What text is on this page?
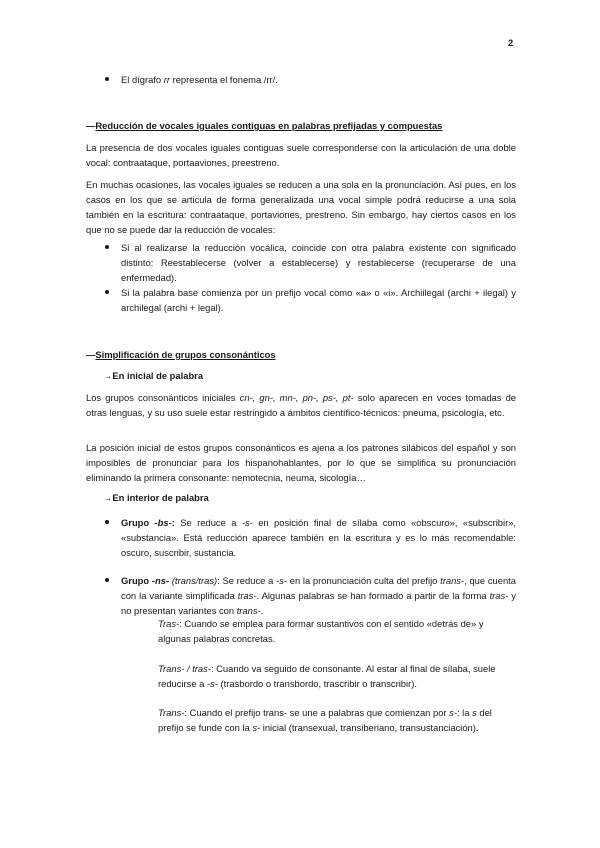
2
El dígrafo rr representa el fonema /rr/.
—Reducción de vocales iguales contiguas en palabras prefijadas y compuestas
La presencia de dos vocales iguales contiguas suele corresponderse con la articulación de una doble vocal: contraataque, portaaviones, preestreno.
En muchas ocasiones, las vocales iguales se reducen a una sola en la pronunciación. Así pues, en los casos en los que se articula de forma generalizada una vocal simple podrá reducirse a una sola también en la escritura: contraataque, portaviones, prestreno. Sin embargo, hay ciertos casos en los que no se puede dar la reducción de vocales:
Si al realizarse la reducción vocálica, coincide con otra palabra existente con significado distinto: Reestablecerse (volver a establecerse) y restablecerse (recuperarse de una enfermedad).
Si la palabra base comienza por un prefijo vocal como «a» o «i». Archiilegal (archi + ilegal) y archilegal (archi + legal).
—Simplificación de grupos consonánticos
→En inicial de palabra
Los grupos consonánticos iniciales cn-, gn-, mn-, pn-, ps-, pt- solo aparecen en voces tomadas de otras lenguas, y su uso suele estar restringido a ámbitos científico-técnicos: pneuma, psicología, etc.
La posición inicial de estos grupos consonánticos es ajena a los patrones silábicos del español y son imposibles de pronunciar para los hispanohablantes, por lo que se simplifica su pronunciación eliminando la primera consonante: nemotecnia, neuma, sicología…
→En interior de palabra
Grupo -bs-: Se reduce a -s- en posición final de sílaba como «obscuro», «subscribir», «substancia». Está reducción aparece también en la escritura y es lo más recomendable: oscuro, suscribir, sustancia.
Grupo -ns- (trans/tras): Se reduce a -s- en la pronunciación culta del prefijo trans-, que cuenta con la variante simplificada tras-. Algunas palabras se han formado a partir de la forma tras- y no presentan variantes con trans-.
Tras-: Cuando se emplea para formar sustantivos con el sentido «detrás de» y algunas palabras concretas.
Trans- / tras-: Cuando va seguido de consonante. Al estar al final de sílaba, suele reducirse a -s- (trasbordo o transbordo, trascribir o transcribir).
Trans-: Cuando el prefijo trans- se une a palabras que comienzan por s-: la s del prefijo se funde con la s- inicial (transexual, transiberiano, transustanciación).
